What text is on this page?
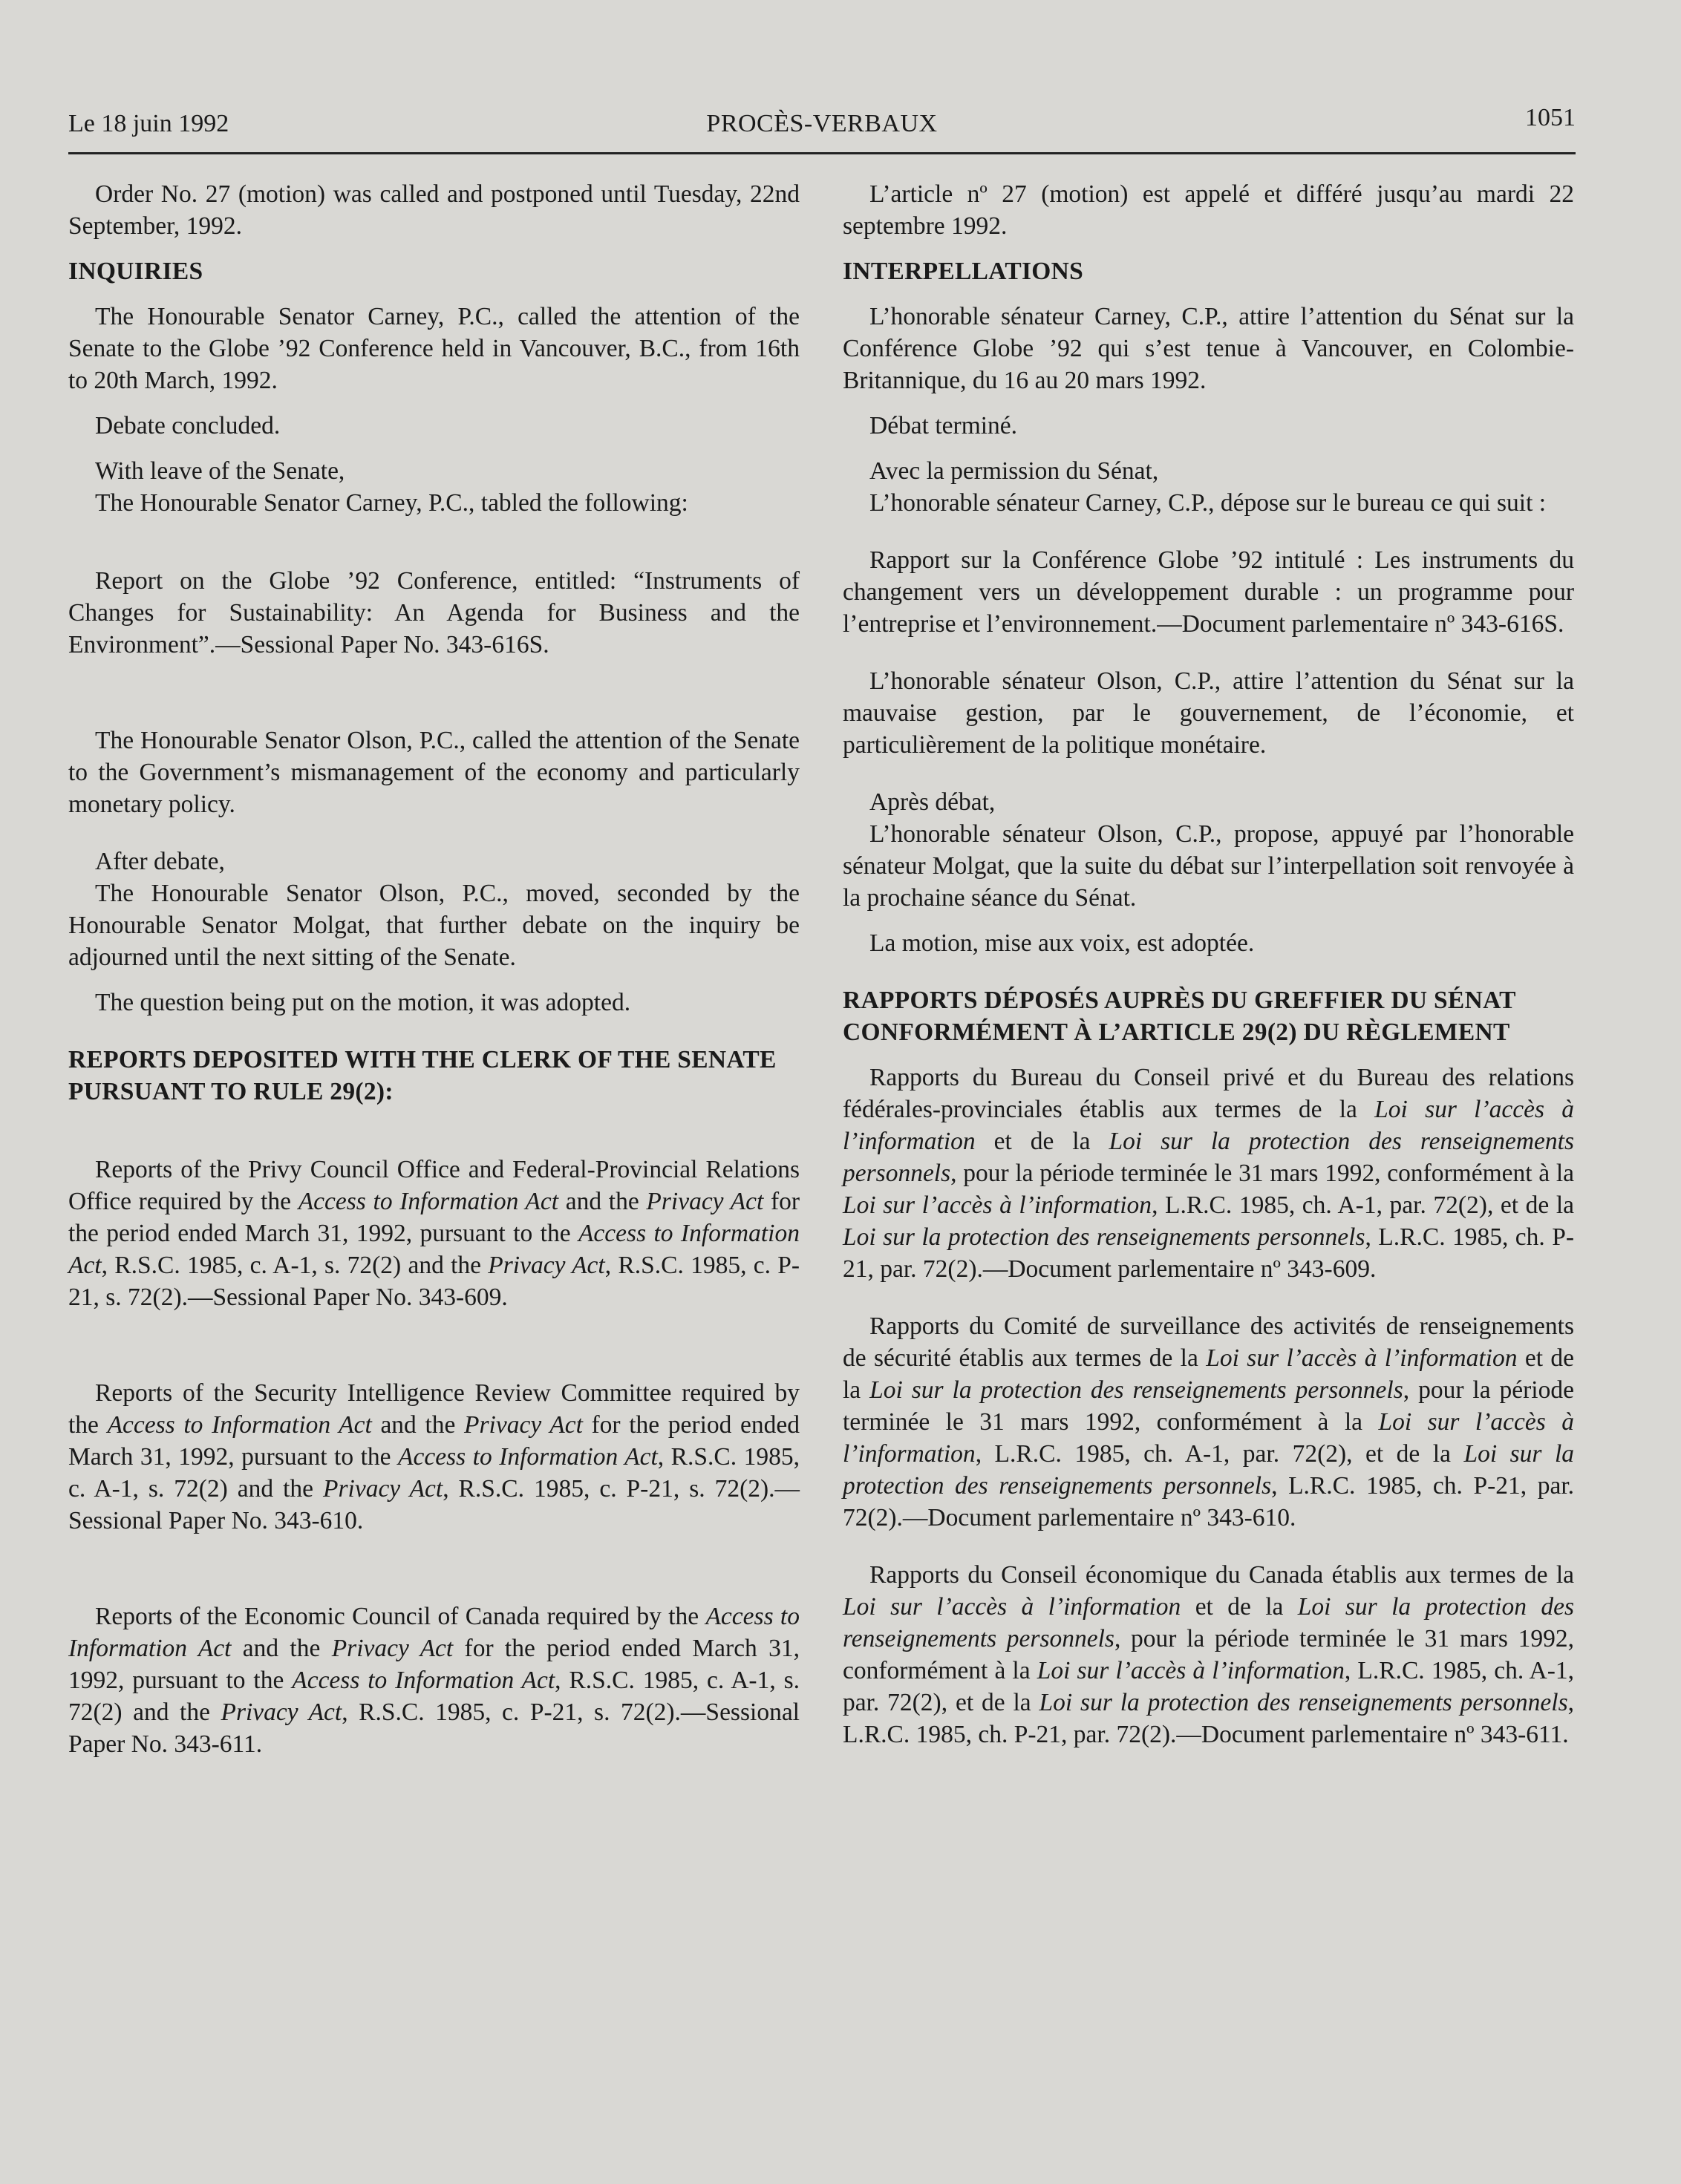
Le 18 juin 1992	PROCÈS-VERBAUX	1051

Order No. 27 (motion) was called and postponed until Tuesday, 22nd September, 1992.

INQUIRIES

The Honourable Senator Carney, P.C., called the attention of the Senate to the Globe ’92 Conference held in Vancouver, B.C., from 16th to 20th March, 1992.

Debate concluded.

With leave of the Senate,

The Honourable Senator Carney, P.C., tabled the following:

Report on the Globe ’92 Conference, entitled: “Instruments of Changes for Sustainability: An Agenda for Business and the Environment”.—Sessional Paper No. 343-616S.

The Honourable Senator Olson, P.C., called the attention of the Senate to the Government’s mismanagement of the economy and particularly monetary policy.

After debate,

The Honourable Senator Olson, P.C., moved, seconded by the Honourable Senator Molgat, that further debate on the inquiry be adjourned until the next sitting of the Senate.

The question being put on the motion, it was adopted.

REPORTS DEPOSITED WITH THE CLERK OF THE SENATE PURSUANT TO RULE 29(2):

Reports of the Privy Council Office and Federal-Provincial Relations Office required by the Access to Information Act and the Privacy Act for the period ended March 31, 1992, pursuant to the Access to Information Act, R.S.C. 1985, c. A-1, s. 72(2) and the Privacy Act, R.S.C. 1985, c. P-21, s. 72(2).—Sessional Paper No. 343-609.

Reports of the Security Intelligence Review Committee required by the Access to Information Act and the Privacy Act for the period ended March 31, 1992, pursuant to the Access to Information Act, R.S.C. 1985, c. A-1, s. 72(2) and the Privacy Act, R.S.C. 1985, c. P-21, s. 72(2).—Sessional Paper No. 343-610.

Reports of the Economic Council of Canada required by the Access to Information Act and the Privacy Act for the period ended March 31, 1992, pursuant to the Access to Information Act, R.S.C. 1985, c. A-1, s. 72(2) and the Privacy Act, R.S.C. 1985, c. P-21, s. 72(2).—Sessional Paper No. 343-611.

L’article nº 27 (motion) est appelé et différé jusqu’au mardi 22 septembre 1992.

INTERPELLATIONS

L’honorable sénateur Carney, C.P., attire l’attention du Sénat sur la Conférence Globe ’92 qui s’est tenue à Vancouver, en Colombie-Britannique, du 16 au 20 mars 1992.

Débat terminé.

Avec la permission du Sénat,

L’honorable sénateur Carney, C.P., dépose sur le bureau ce qui suit :

Rapport sur la Conférence Globe ’92 intitulé : Les instruments du changement vers un développement durable : un programme pour l’entreprise et l’environnement.—Document parlementaire nº 343-616S.

L’honorable sénateur Olson, C.P., attire l’attention du Sénat sur la mauvaise gestion, par le gouvernement, de l’économie, et particulièrement de la politique monétaire.

Après débat,

L’honorable sénateur Olson, C.P., propose, appuyé par l’honorable sénateur Molgat, que la suite du débat sur l’interpellation soit renvoyée à la prochaine séance du Sénat.

La motion, mise aux voix, est adoptée.

RAPPORTS DÉPOSÉS AUPRÈS DU GREFFIER DU SÉNAT CONFORMÉMENT À L’ARTICLE 29(2) DU RÈGLEMENT

Rapports du Bureau du Conseil privé et du Bureau des relations fédérales-provinciales établis aux termes de la Loi sur l’accès à l’information et de la Loi sur la protection des renseignements personnels, pour la période terminée le 31 mars 1992, conformément à la Loi sur l’accès à l’information, L.R.C. 1985, ch. A-1, par. 72(2), et de la Loi sur la protection des renseignements personnels, L.R.C. 1985, ch. P-21, par. 72(2).—Document parlementaire nº 343-609.

Rapports du Comité de surveillance des activités de renseignements de sécurité établis aux termes de la Loi sur l’accès à l’information et de la Loi sur la protection des renseignements personnels, pour la période terminée le 31 mars 1992, conformément à la Loi sur l’accès à l’information, L.R.C. 1985, ch. A-1, par. 72(2), et de la Loi sur la protection des renseignements personnels, L.R.C. 1985, ch. P-21, par. 72(2).—Document parlementaire nº 343-610.

Rapports du Conseil économique du Canada établis aux termes de la Loi sur l’accès à l’information et de la Loi sur la protection des renseignements personnels, pour la période terminée le 31 mars 1992, conformément à la Loi sur l’accès à l’information, L.R.C. 1985, ch. A-1, par. 72(2), et de la Loi sur la protection des renseignements personnels, L.R.C. 1985, ch. P-21, par. 72(2).—Document parlementaire nº 343-611.
